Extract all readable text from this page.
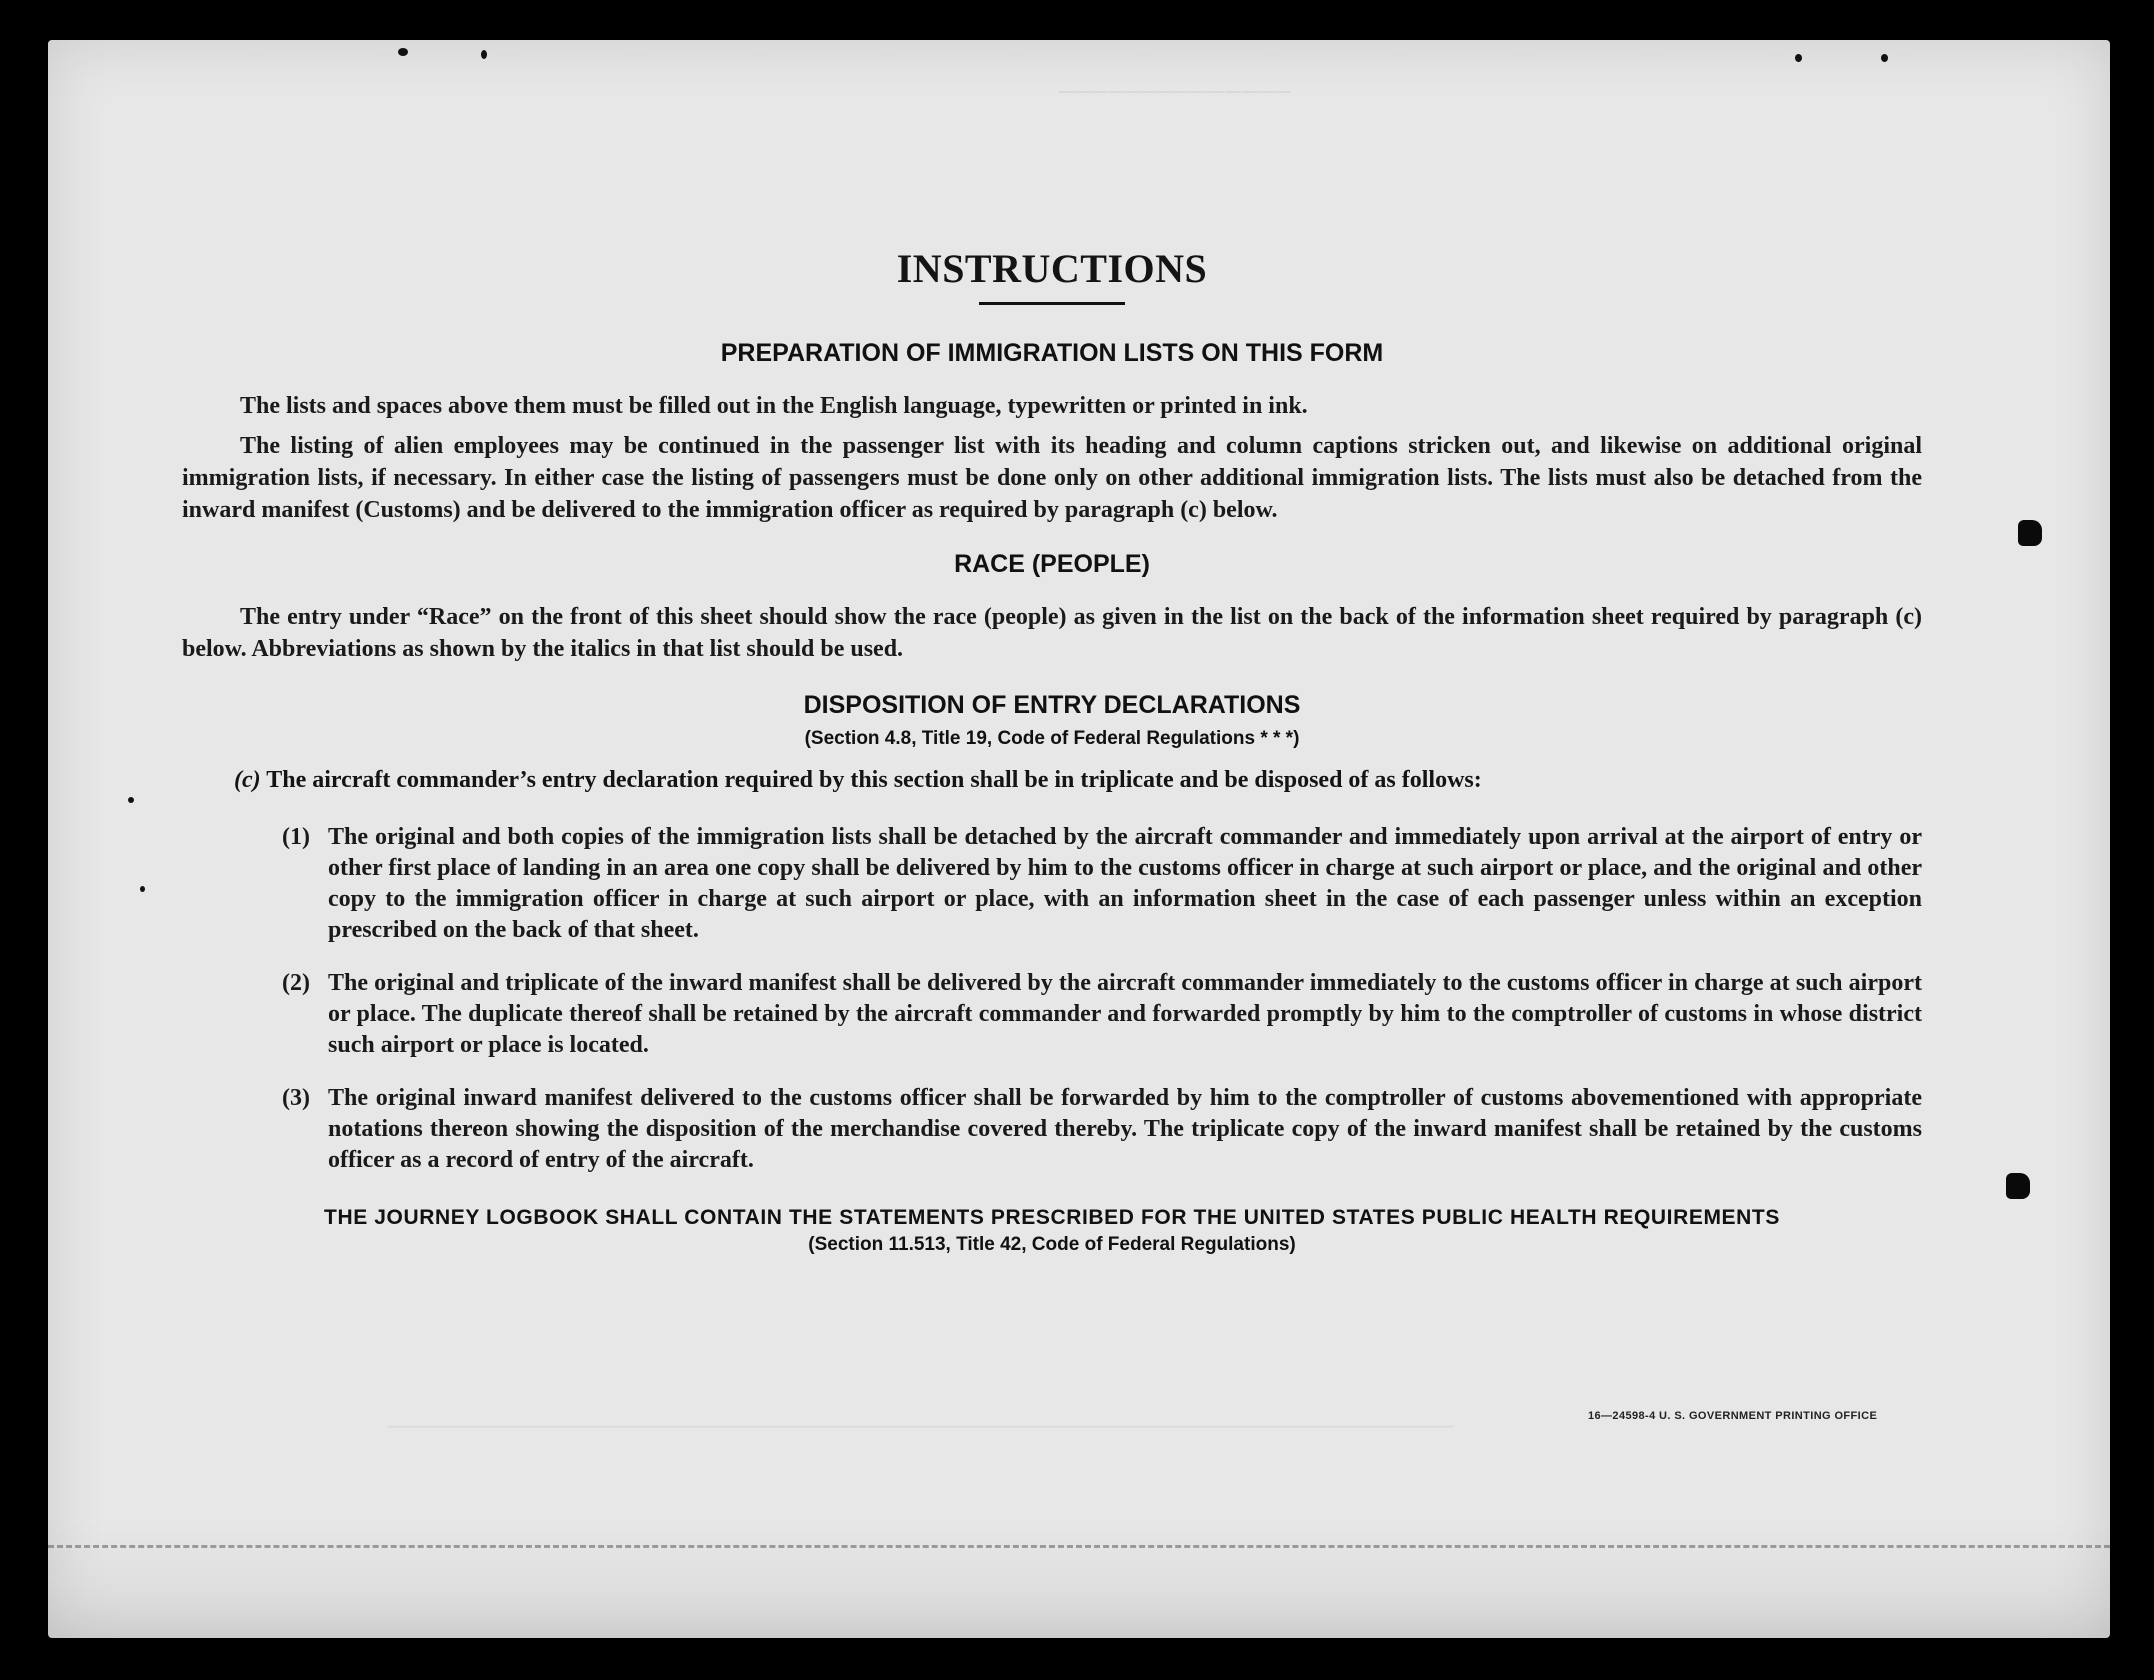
──────────────
──────────────────────────────────────────────────────────────────────────
INSTRUCTIONS
PREPARATION OF IMMIGRATION LISTS ON THIS FORM

The lists and spaces above them must be filled out in the English language, typewritten or printed in ink.

The listing of alien employees may be continued in the passenger list with its heading and column captions stricken out, and likewise on additional original immigration lists, if necessary. In either case the listing of passengers must be done only on other additional immigration lists. The lists must also be detached from the inward manifest (Customs) and be delivered to the immigration officer as required by paragraph (c) below.

RACE (PEOPLE)

The entry under “Race” on the front of this sheet should show the race (people) as given in the list on the back of the information sheet required by paragraph (c) below. Abbreviations as shown by the italics in that list should be used.

DISPOSITION OF ENTRY DECLARATIONS

(Section 4.8, Title 19, Code of Federal Regulations * * *)

(c) The aircraft commander’s entry declaration required by this section shall be in triplicate and be disposed of as follows:

(1) The original and both copies of the immigration lists shall be detached by the aircraft commander and immediately upon arrival at the airport of entry or other first place of landing in an area one copy shall be delivered by him to the customs officer in charge at such airport or place, and the original and other copy to the immigration officer in charge at such airport or place, with an information sheet in the case of each passenger unless within an exception prescribed on the back of that sheet.
(2) The original and triplicate of the inward manifest shall be delivered by the aircraft commander immediately to the customs officer in charge at such airport or place. The duplicate thereof shall be retained by the aircraft commander and forwarded promptly by him to the comptroller of customs in whose district such airport or place is located.
(3) The original inward manifest delivered to the customs officer shall be forwarded by him to the comptroller of customs abovementioned with appropriate notations thereon showing the disposition of the merchandise covered thereby. The triplicate copy of the inward manifest shall be retained by the customs officer as a record of entry of the aircraft.
THE JOURNEY LOGBOOK SHALL CONTAIN THE STATEMENTS PRESCRIBED FOR THE UNITED STATES PUBLIC HEALTH REQUIREMENTS

(Section 11.513, Title 42, Code of Federal Regulations)

16—24598-4 U. S. GOVERNMENT PRINTING OFFICE
